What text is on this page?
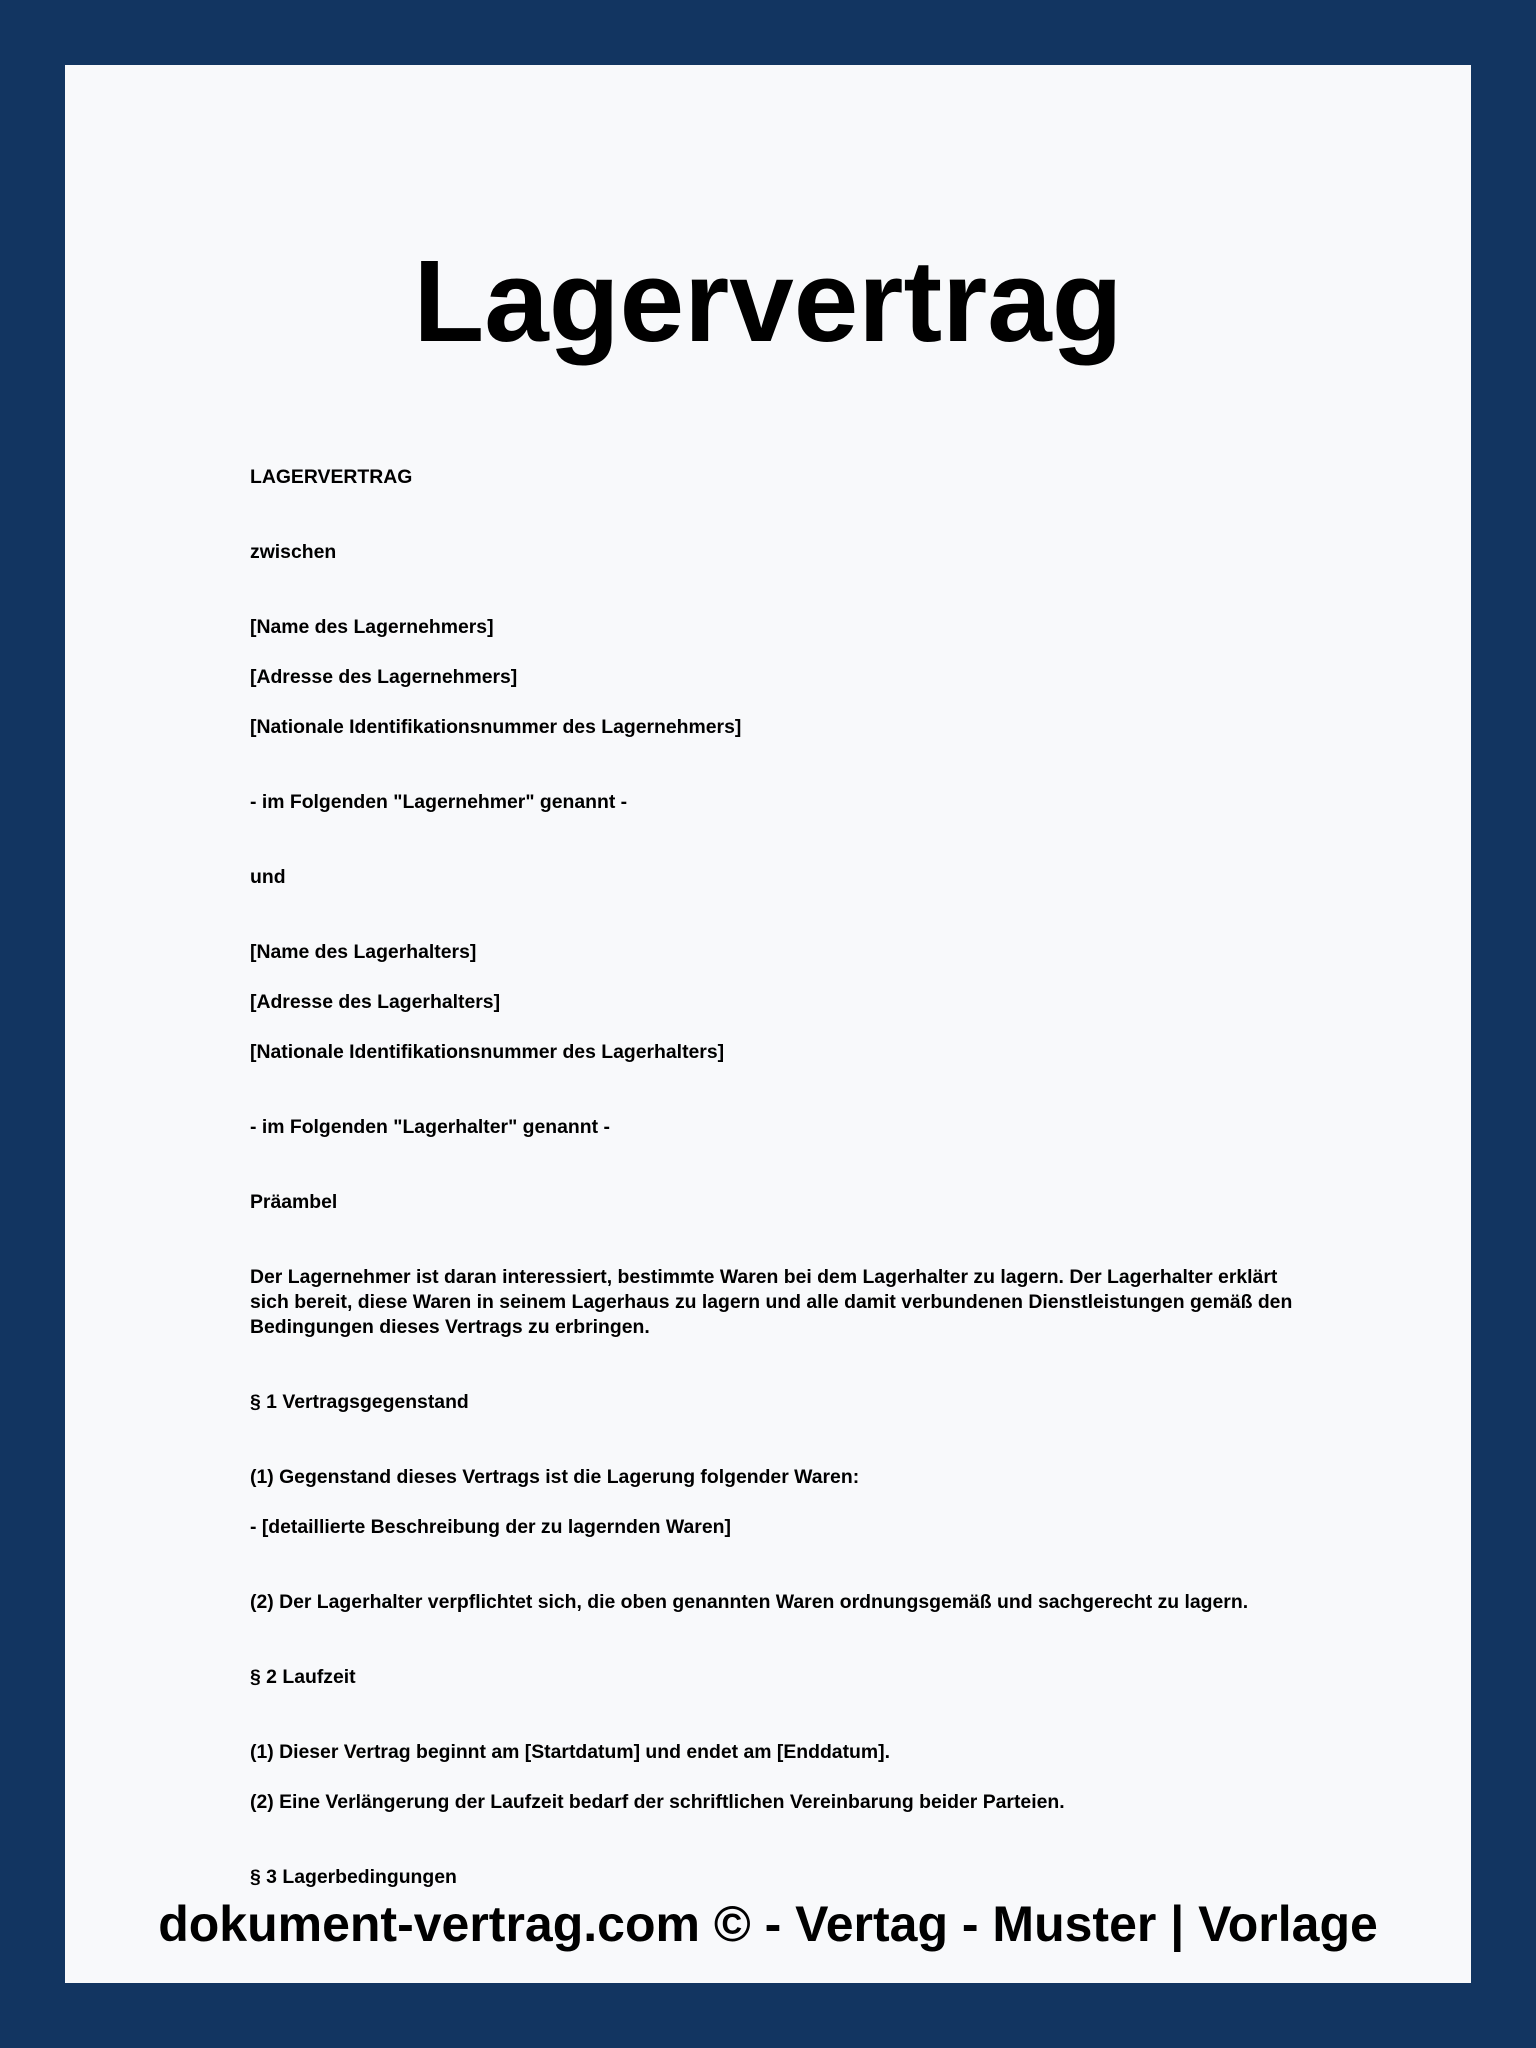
Lagervertrag

LAGERVERTRAG

zwischen

[Name des Lagernehmers]

[Adresse des Lagernehmers]

[Nationale Identifikationsnummer des Lagernehmers]

- im Folgenden "Lagernehmer" genannt -

und

[Name des Lagerhalters]

[Adresse des Lagerhalters]

[Nationale Identifikationsnummer des Lagerhalters]

- im Folgenden "Lagerhalter" genannt -

Präambel

Der Lagernehmer ist daran interessiert, bestimmte Waren bei dem Lagerhalter zu lagern. Der Lagerhalter erklärt sich bereit, diese Waren in seinem Lagerhaus zu lagern und alle damit verbundenen Dienstleistungen gemäß den Bedingungen dieses Vertrags zu erbringen.

§ 1 Vertragsgegenstand

(1) Gegenstand dieses Vertrags ist die Lagerung folgender Waren:

- [detaillierte Beschreibung der zu lagernden Waren]

(2) Der Lagerhalter verpflichtet sich, die oben genannten Waren ordnungsgemäß und sachgerecht zu lagern.

§ 2 Laufzeit

(1) Dieser Vertrag beginnt am [Startdatum] und endet am [Enddatum].

(2) Eine Verlängerung der Laufzeit bedarf der schriftlichen Vereinbarung beider Parteien.

§ 3 Lagerbedingungen

dokument-vertrag.com © - Vertag - Muster | Vorlage
